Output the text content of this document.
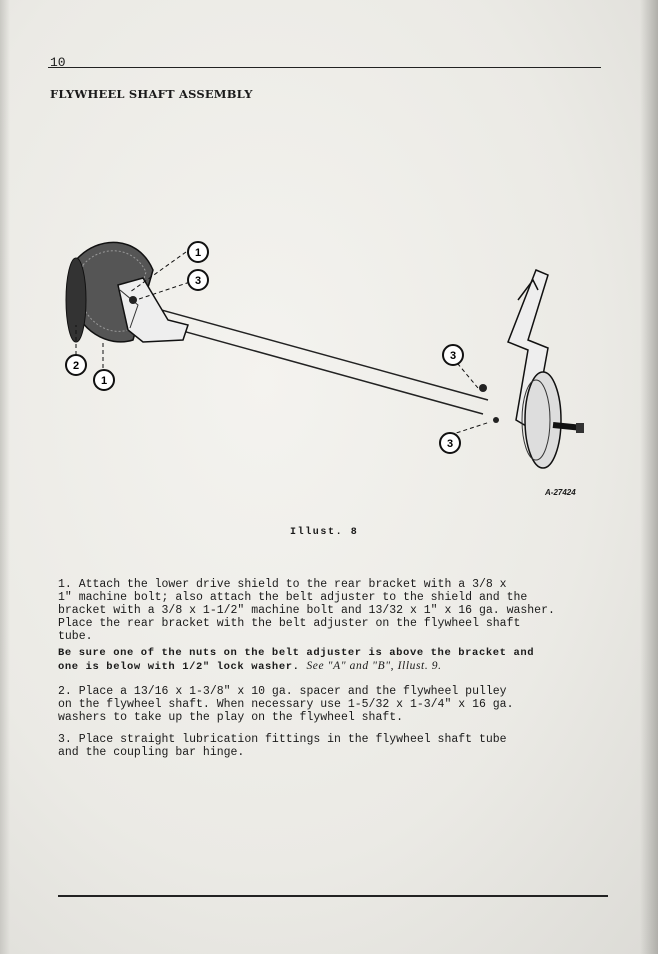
10
FLYWHEEL SHAFT ASSEMBLY
1
3
2
1
3
3
A-27424
Illust. 8
1. Attach the lower drive shield to the rear bracket with a 3/8 x
1" machine bolt; also attach the belt adjuster to the shield and the
bracket with a 3/8 x 1-1/2" machine bolt and 13/32 x 1" x 16 ga. washer.
Place the rear bracket with the belt adjuster on the flywheel shaft
tube.
Be sure one of the nuts on the belt adjuster is above the bracket and
one is below with 1/2" lock washer. See "A" and "B", Illust. 9.
2. Place a 13/16 x 1-3/8" x 10 ga. spacer and the flywheel pulley
on the flywheel shaft. When necessary use 1-5/32 x 1-3/4" x 16 ga.
washers to take up the play on the flywheel shaft.
3. Place straight lubrication fittings in the flywheel shaft tube
and the coupling bar hinge.
